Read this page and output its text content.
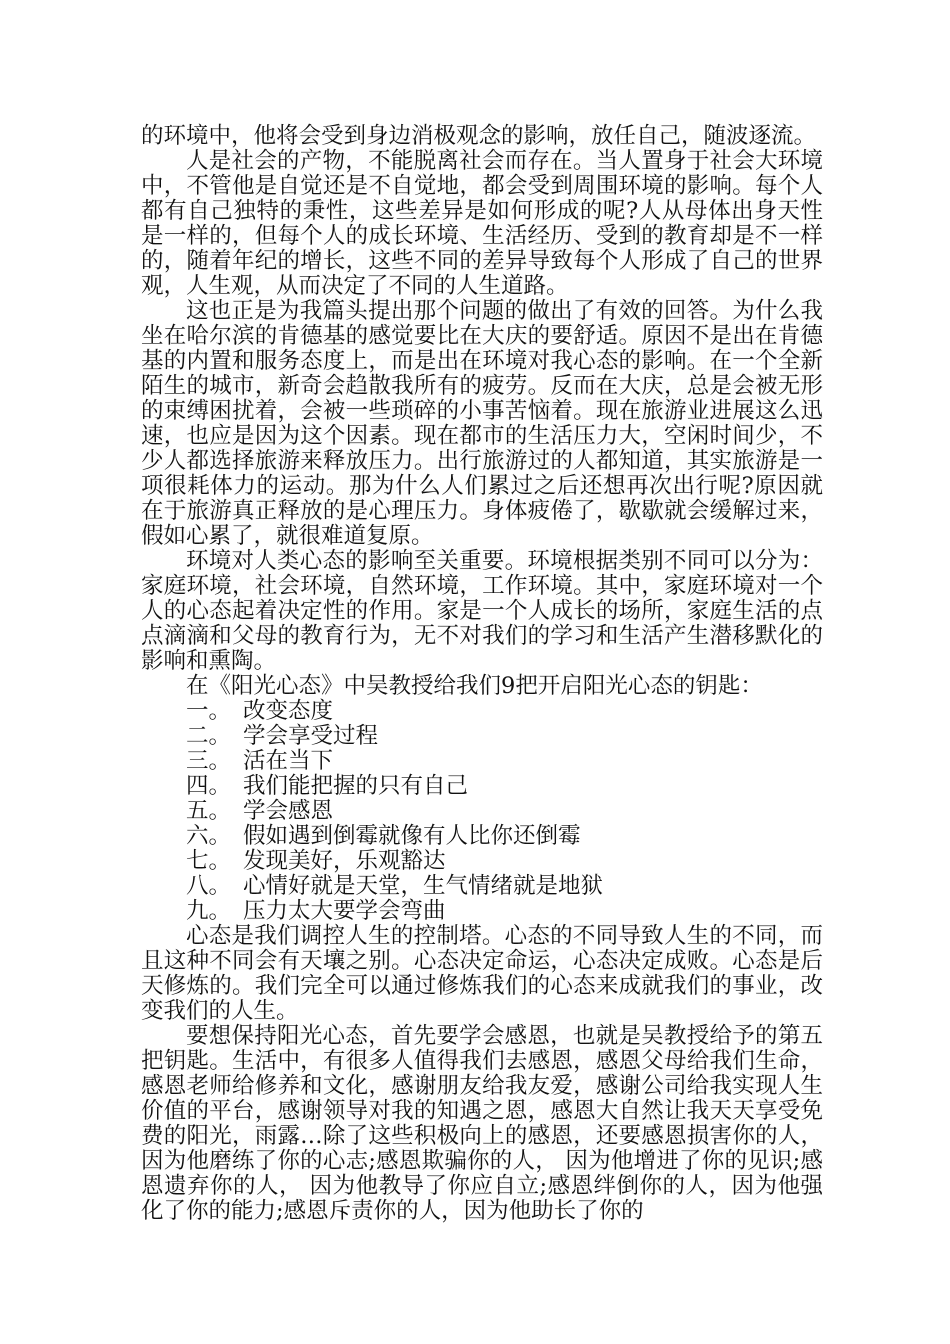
的环境中，他将会受到身边消极观念的影响，放任自己，随波逐流。

人是社会的产物，不能脱离社会而存在。当人置身于社会大环境中，不管他是自觉还是不自觉地，都会受到周围环境的影响。每个人都有自己独特的秉性，这些差异是如何形成的呢?人从母体出身天性是一样的，但每个人的成长环境、生活经历、受到的教育却是不一样的，随着年纪的增长，这些不同的差异导致每个人形成了自己的世界观，人生观，从而决定了不同的人生道路。

这也正是为我篇头提出那个问题的做出了有效的回答。为什么我坐在哈尔滨的肯德基的感觉要比在大庆的要舒适。原因不是出在肯德基的内置和服务态度上，而是出在环境对我心态的影响。在一个全新陌生的城市，新奇会趋散我所有的疲劳。反而在大庆，总是会被无形的束缚困扰着，会被一些琐碎的小事苦恼着。现在旅游业进展这么迅速，也应是因为这个因素。现在都市的生活压力大，空闲时间少，不少人都选择旅游来释放压力。出行旅游过的人都知道，其实旅游是一项很耗体力的运动。那为什么人们累过之后还想再次出行呢?原因就在于旅游真正释放的是心理压力。身体疲倦了，歇歇就会缓解过来，假如心累了，就很难道复原。

环境对人类心态的影响至关重要。环境根据类别不同可以分为：家庭环境，社会环境，自然环境，工作环境。其中，家庭环境对一个人的心态起着决定性的作用。家是一个人成长的场所，家庭生活的点点滴滴和父母的教育行为，无不对我们的学习和生活产生潜移默化的影响和熏陶。

在《阳光心态》中吴教授给我们9把开启阳光心态的钥匙：

一。 改变态度
二。 学会享受过程
三。 活在当下
四。 我们能把握的只有自己
五。 学会感恩
六。 假如遇到倒霉就像有人比你还倒霉
七。 发现美好，乐观豁达
八。 心情好就是天堂，生气情绪就是地狱
九。 压力太大要学会弯曲

心态是我们调控人生的控制塔。心态的不同导致人生的不同，而且这种不同会有天壤之别。心态决定命运，心态决定成败。心态是后天修炼的。我们完全可以通过修炼我们的心态来成就我们的事业，改变我们的人生。

要想保持阳光心态，首先要学会感恩，也就是吴教授给予的第五把钥匙。生活中，有很多人值得我们去感恩，感恩父母给我们生命，感恩老师给修养和文化，感谢朋友给我友爱，感谢公司给我实现人生价值的平台，感谢领导对我的知遇之恩，感恩大自然让我天天享受免费的阳光，雨露…除了这些积极向上的感恩，还要感恩损害你的人，因为他磨练了你的心志;感恩欺骗你的人， 因为他增进了你的见识;感恩遗弃你的人， 因为他教导了你应自立;感恩绊倒你的人，因为他强化了你的能力;感恩斥责你的人，因为他助长了你的
